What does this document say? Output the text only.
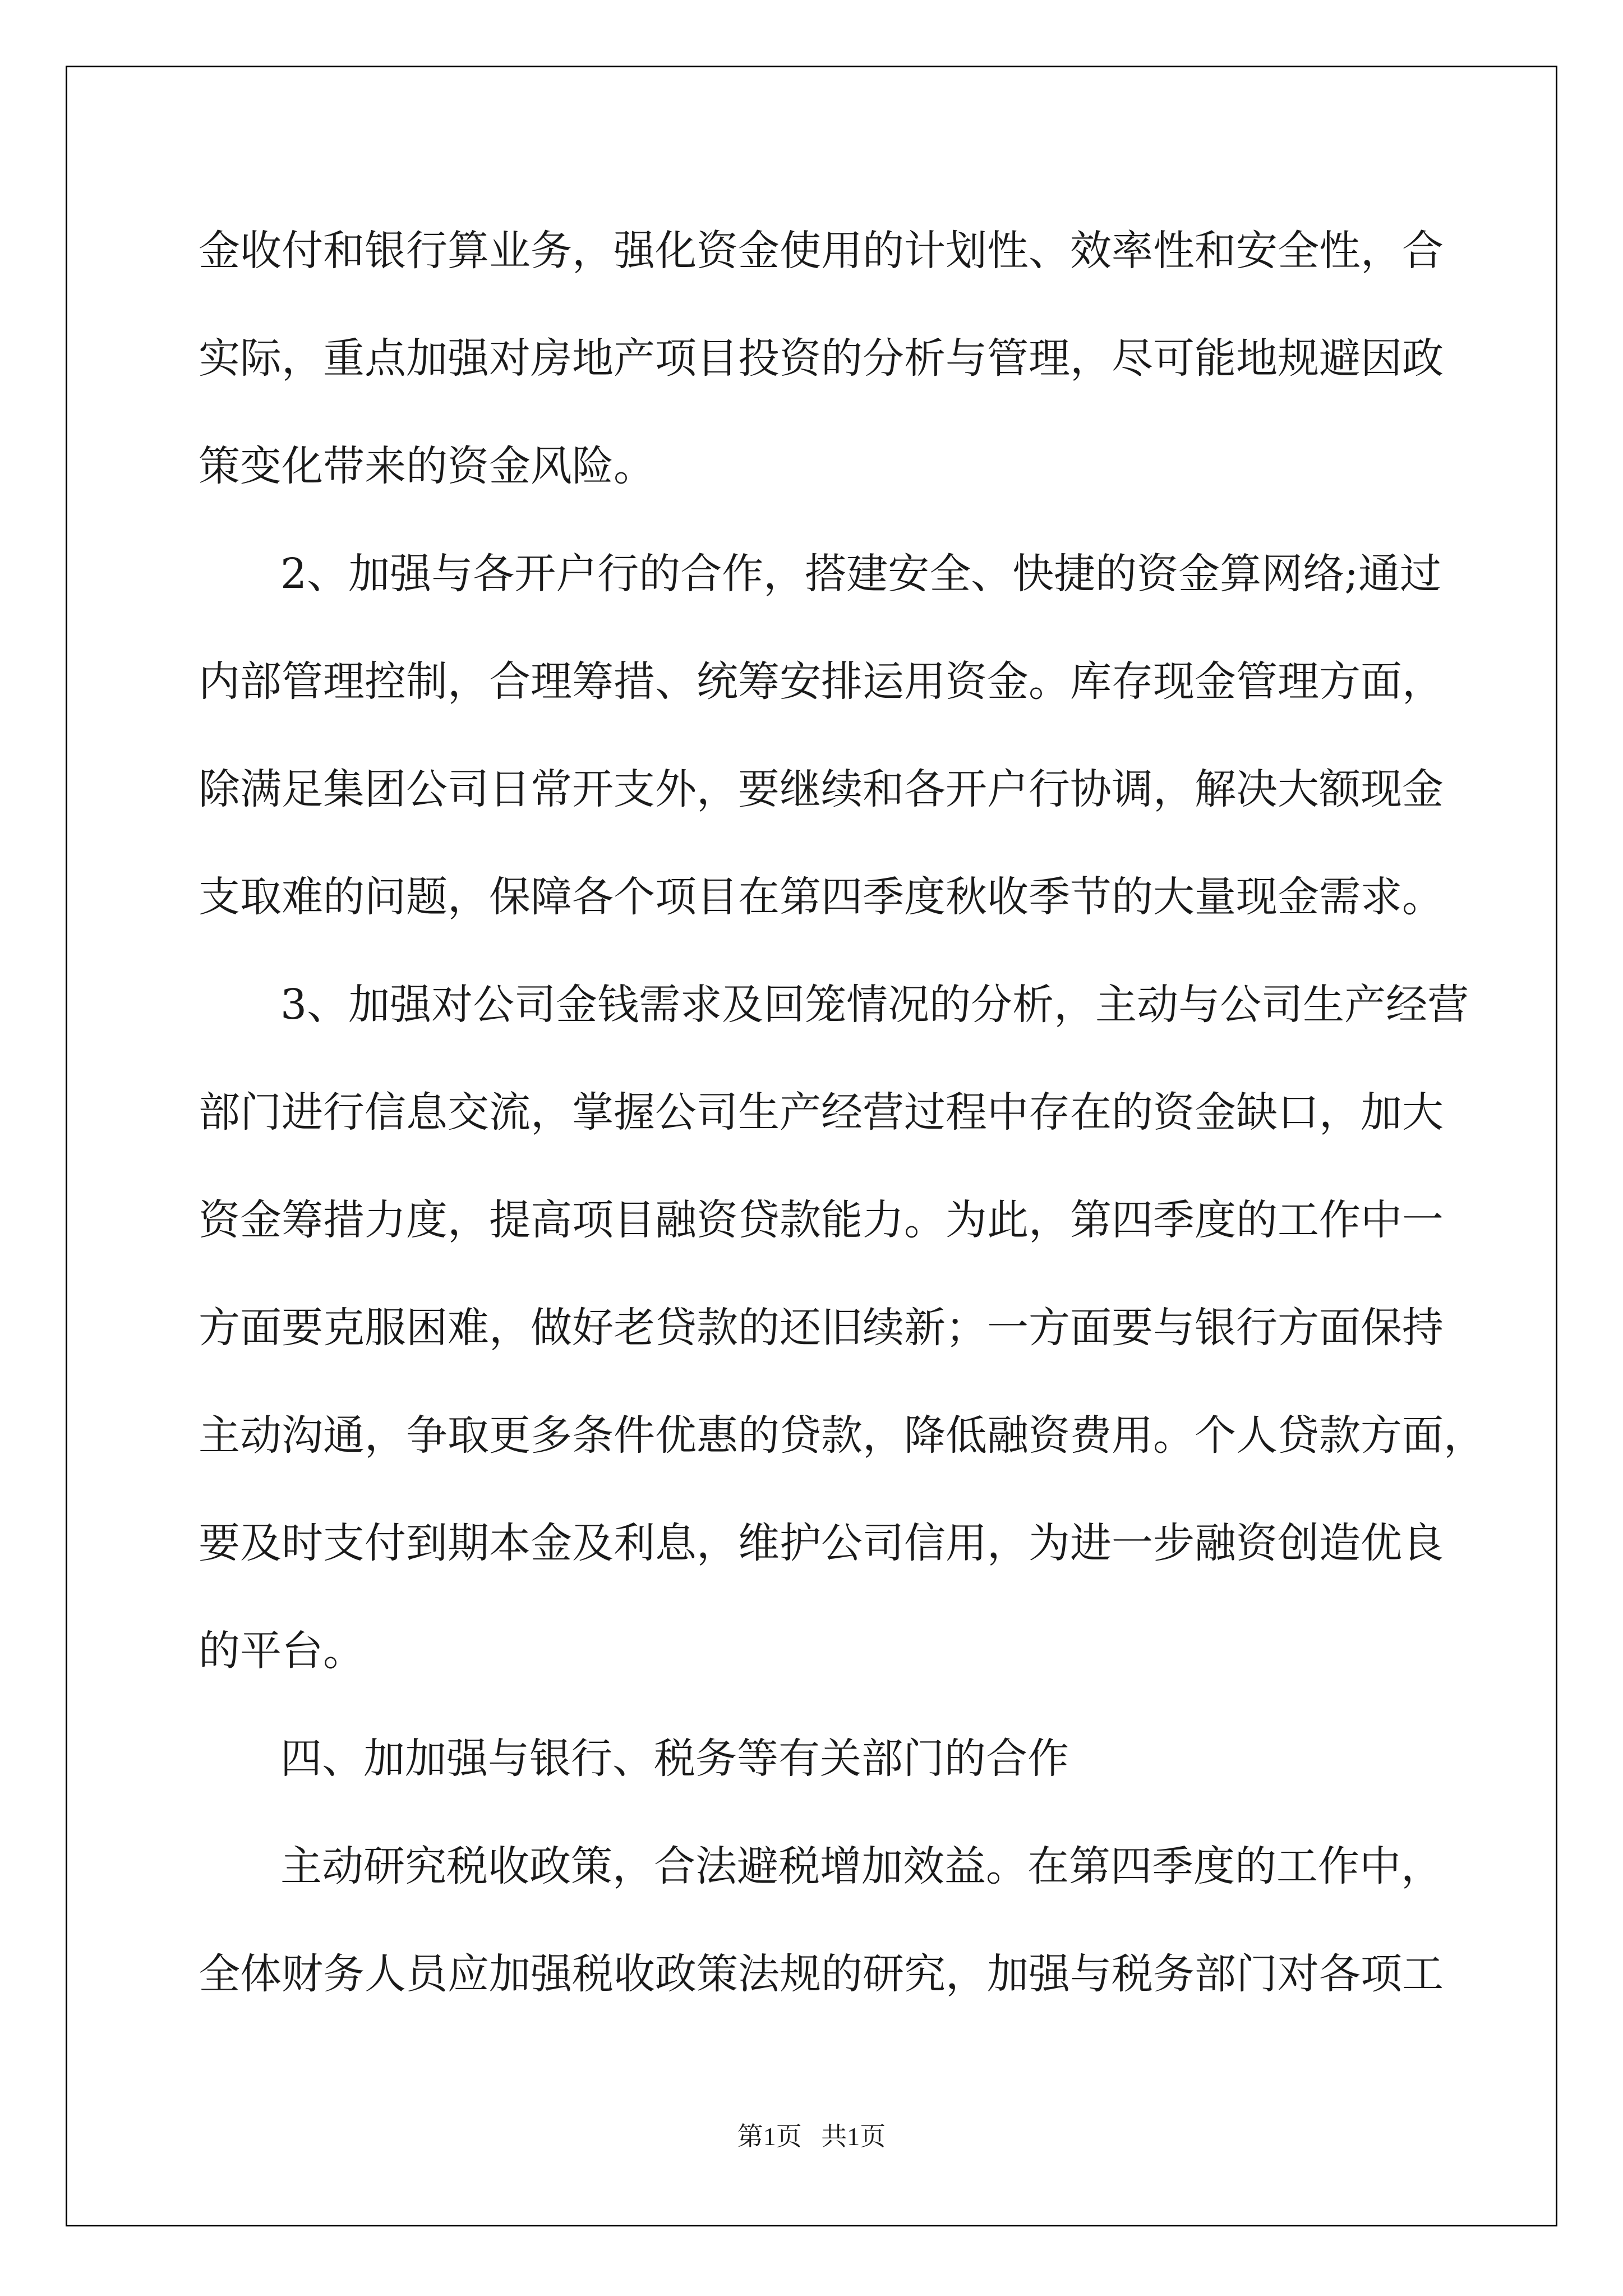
金收付和银行算业务，强化资金使用的计划性、效率性和安全性，合

实际，重点加强对房地产项目投资的分析与管理，尽可能地规避因政

策变化带来的资金风险。

2、加强与各开户行的合作，搭建安全、快捷的资金算网络;通过

内部管理控制，合理筹措、统筹安排运用资金。库存现金管理方面，

除满足集团公司日常开支外，要继续和各开户行协调，解决大额现金

支取难的问题，保障各个项目在第四季度秋收季节的大量现金需求。

3、加强对公司金钱需求及回笼情况的分析，主动与公司生产经营

部门进行信息交流，掌握公司生产经营过程中存在的资金缺口，加大

资金筹措力度，提高项目融资贷款能力。为此，第四季度的工作中一

方面要克服困难，做好老贷款的还旧续新；一方面要与银行方面保持

主动沟通，争取更多条件优惠的贷款，降低融资费用。个人贷款方面，

要及时支付到期本金及利息，维护公司信用，为进一步融资创造优良

的平台。

四、加加强与银行、税务等有关部门的合作

主动研究税收政策，合法避税增加效益。在第四季度的工作中，

全体财务人员应加强税收政策法规的研究，加强与税务部门对各项工

第1页   共1页
